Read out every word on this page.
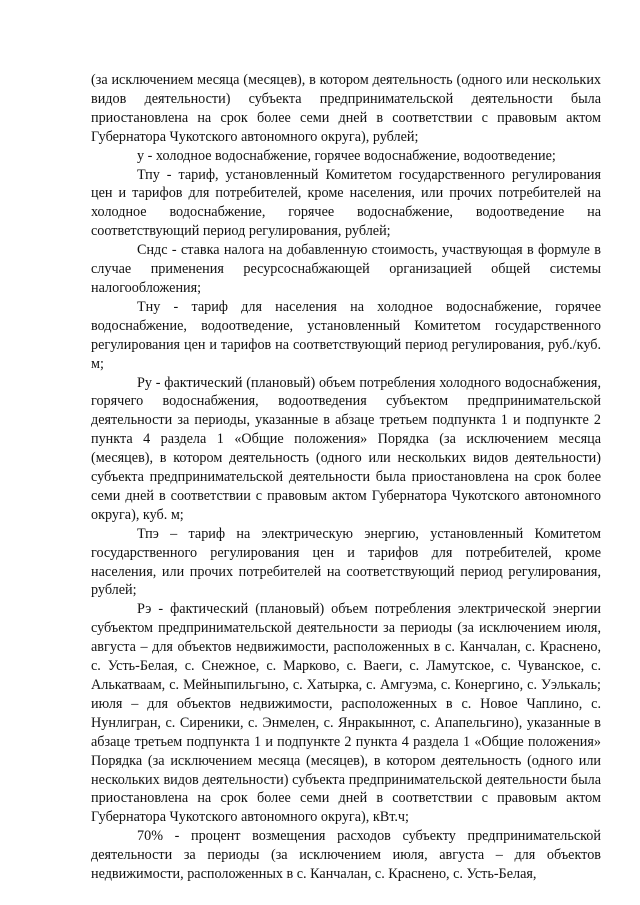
(за исключением месяца (месяцев), в котором деятельность (одного или нескольких видов деятельности) субъекта предпринимательской деятельности была приостановлена на срок более семи дней в соответствии с правовым актом Губернатора Чукотского автономного округа), рублей;

у - холодное водоснабжение, горячее водоснабжение, водоотведение;

Тпу - тариф, установленный Комитетом государственного регулирования цен и тарифов для потребителей, кроме населения, или прочих потребителей на холодное водоснабжение, горячее водоснабжение, водоотведение на соответствующий период регулирования, рублей;

Сндс - ставка налога на добавленную стоимость, участвующая в формуле в случае применения ресурсоснабжающей организацией общей системы налогообложения;

Тну - тариф для населения на холодное водоснабжение, горячее водоснабжение, водоотведение, установленный Комитетом государственного регулирования цен и тарифов на соответствующий период регулирования, руб./куб. м;

Ру - фактический (плановый) объем потребления холодного водоснабжения, горячего водоснабжения, водоотведения субъектом предпринимательской деятельности за периоды, указанные в абзаце третьем подпункта 1 и подпункте 2 пункта 4 раздела 1 «Общие положения» Порядка (за исключением месяца (месяцев), в котором деятельность (одного или нескольких видов деятельности) субъекта предпринимательской деятельности была приостановлена на срок более семи дней в соответствии с правовым актом Губернатора Чукотского автономного округа), куб. м;

Тпэ – тариф на электрическую энергию, установленный Комитетом государственного регулирования цен и тарифов для потребителей, кроме населения, или прочих потребителей на соответствующий период регулирования, рублей;

Рэ - фактический (плановый) объем потребления электрической энергии субъектом предпринимательской деятельности за периоды (за исключением июля, августа – для объектов недвижимости, расположенных в с. Канчалан, с. Краснено, с. Усть-Белая, с. Снежное, с. Марково, с. Ваеги, с. Ламутское, с. Чуванское, с. Алькатваам, с. Мейныпильгыно, с. Хатырка, с. Амгуэма, с. Конергино, с. Уэлькаль; июля – для объектов недвижимости, расположенных в с. Новое Чаплино, с. Нунлигран, с. Сиреники, с. Энмелен, с. Янракыннот, с. Апапельгино), указанные в абзаце третьем подпункта 1 и подпункте 2 пункта 4 раздела 1 «Общие положения» Порядка (за исключением месяца (месяцев), в котором деятельность (одного или нескольких видов деятельности) субъекта предпринимательской деятельности была приостановлена на срок более семи дней в соответствии с правовым актом Губернатора Чукотского автономного округа), кВт.ч;

70% - процент возмещения расходов субъекту предпринимательской деятельности за периоды (за исключением июля, августа – для объектов недвижимости, расположенных в с. Канчалан, с. Краснено, с. Усть-Белая,
